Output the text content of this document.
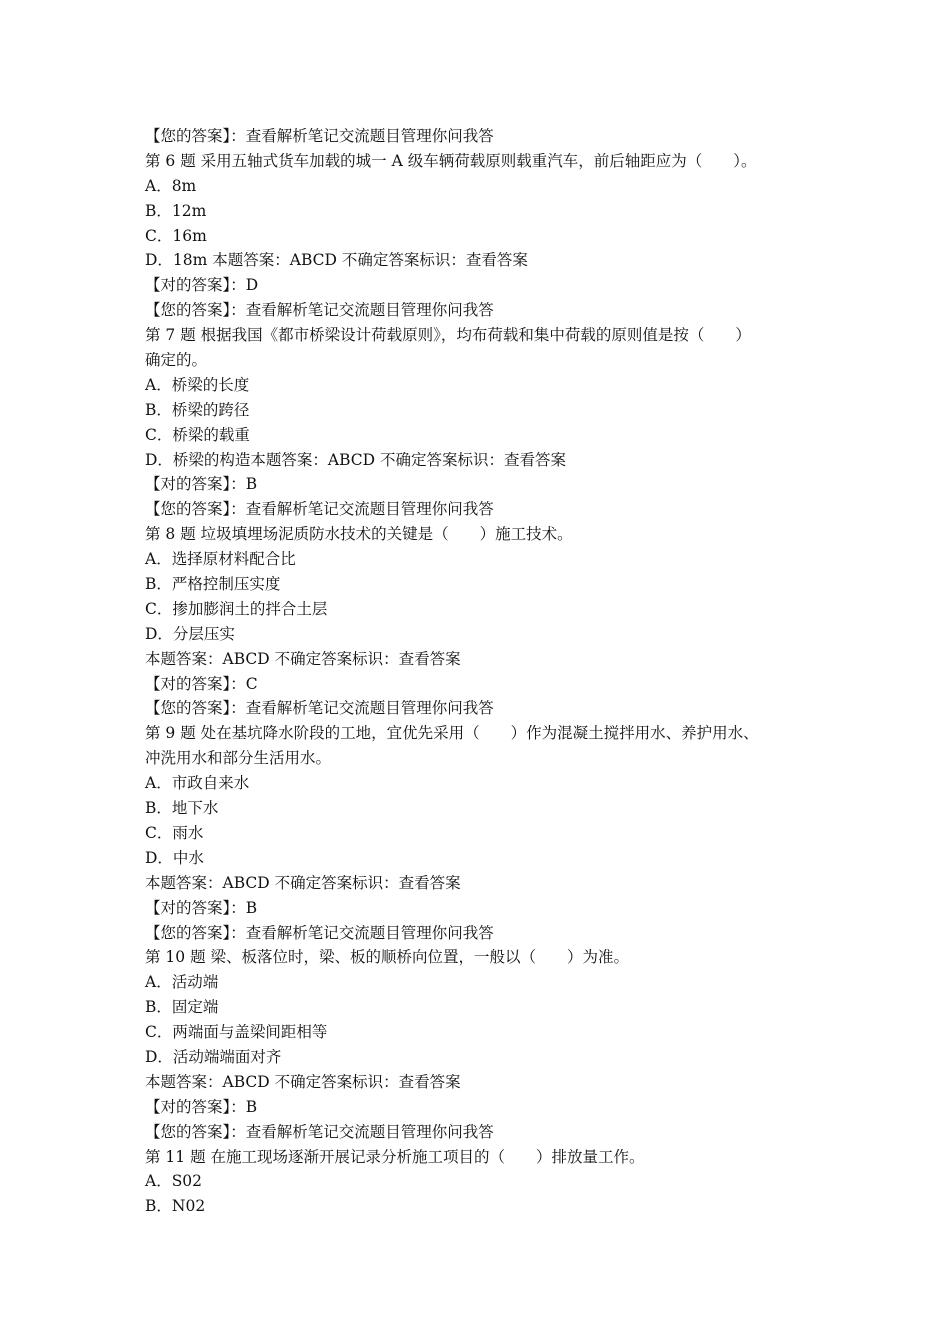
【您的答案】：查看解析笔记交流题目管理你问我答
第 6 题 采用五轴式货车加载的城一 A 级车辆荷载原则载重汽车，前后轴距应为（　　）。
A．8m
B．12m
C．16m
D．18m 本题答案：ABCD 不确定答案标识：查看答案
【对的答案】：D
【您的答案】：查看解析笔记交流题目管理你问我答
第 7 题 根据我国《都市桥梁设计荷载原则》，均布荷载和集中荷载的原则值是按（　　）
确定的。
A．桥梁的长度
B．桥梁的跨径
C．桥梁的载重
D．桥梁的构造本题答案：ABCD 不确定答案标识：查看答案
【对的答案】：B
【您的答案】：查看解析笔记交流题目管理你问我答
第 8 题 垃圾填埋场泥质防水技术的关键是（　　）施工技术。
A．选择原材料配合比
B．严格控制压实度
C．掺加膨润土的拌合土层
D．分层压实
本题答案：ABCD 不确定答案标识：查看答案
【对的答案】：C
【您的答案】：查看解析笔记交流题目管理你问我答
第 9 题 处在基坑降水阶段的工地，宜优先采用（　　）作为混凝土搅拌用水、养护用水、
冲洗用水和部分生活用水。
A．市政自来水
B．地下水
C．雨水
D．中水
本题答案：ABCD 不确定答案标识：查看答案
【对的答案】：B
【您的答案】：查看解析笔记交流题目管理你问我答
第 10 题 梁、板落位时，梁、板的顺桥向位置，一般以（　　）为准。
A．活动端
B．固定端
C．两端面与盖梁间距相等
D．活动端端面对齐
本题答案：ABCD 不确定答案标识：查看答案
【对的答案】：B
【您的答案】：查看解析笔记交流题目管理你问我答
第 11 题 在施工现场逐渐开展记录分析施工项目的（　　）排放量工作。
A．S02
B．N02
